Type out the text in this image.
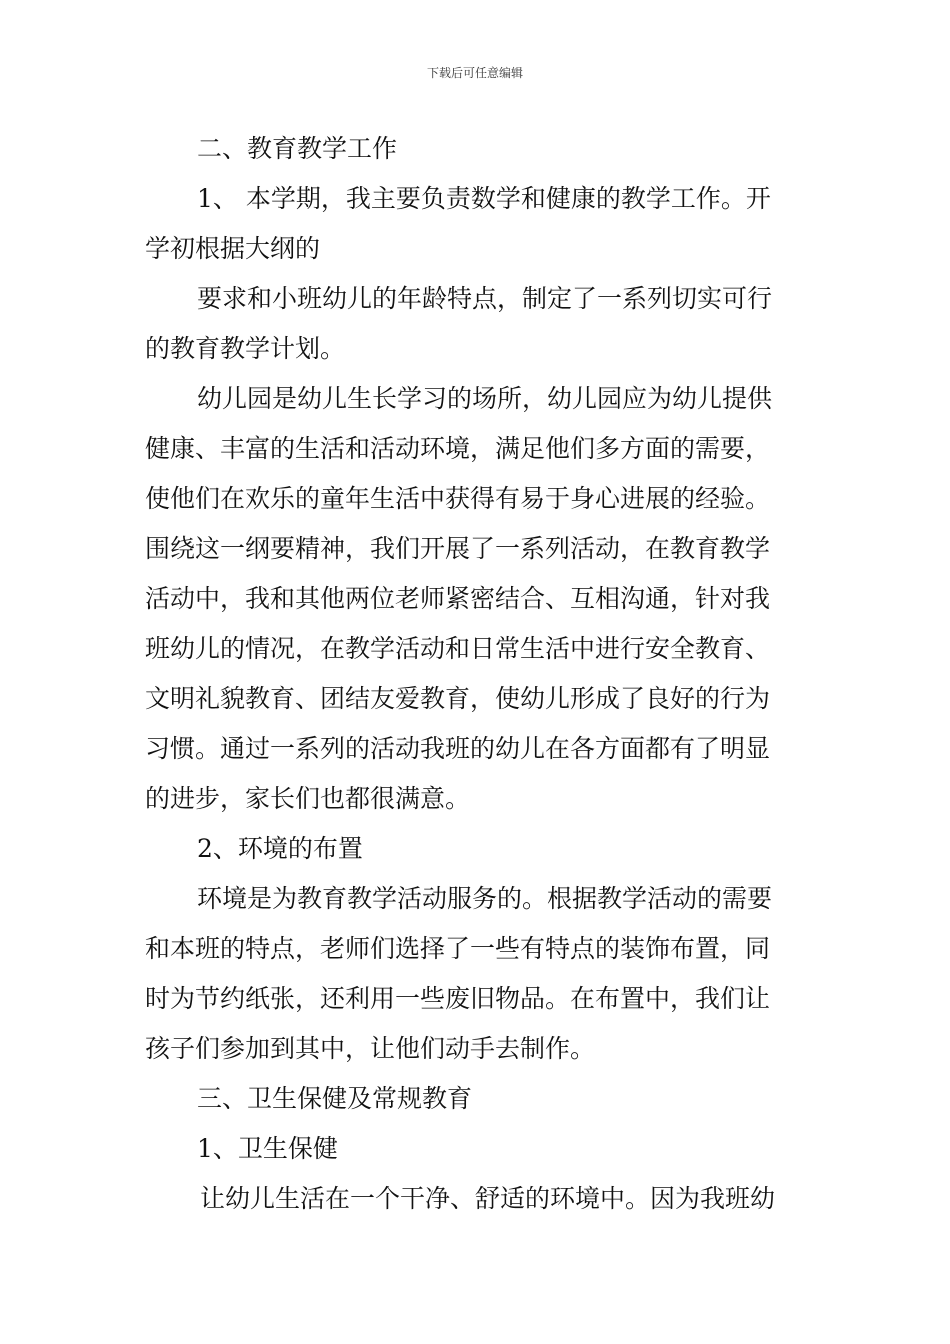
下载后可任意编辑
二、教育教学工作
1、 本学期，我主要负责数学和健康的教学工作。开
学初根据大纲的
要求和小班幼儿的年龄特点，制定了一系列切实可行
的教育教学计划。
幼儿园是幼儿生长学习的场所，幼儿园应为幼儿提供
健康、丰富的生活和活动环境，满足他们多方面的需要，
使他们在欢乐的童年生活中获得有易于身心进展的经验。
围绕这一纲要精神，我们开展了一系列活动，在教育教学
活动中，我和其他两位老师紧密结合、互相沟通，针对我
班幼儿的情况，在教学活动和日常生活中进行安全教育、
文明礼貌教育、团结友爱教育，使幼儿形成了良好的行为
习惯。通过一系列的活动我班的幼儿在各方面都有了明显
的进步，家长们也都很满意。
2、环境的布置
环境是为教育教学活动服务的。根据教学活动的需要
和本班的特点，老师们选择了一些有特点的装饰布置，同
时为节约纸张，还利用一些废旧物品。在布置中，我们让
孩子们参加到其中，让他们动手去制作。
三、卫生保健及常规教育
1、卫生保健
让幼儿生活在一个干净、舒适的环境中。因为我班幼
